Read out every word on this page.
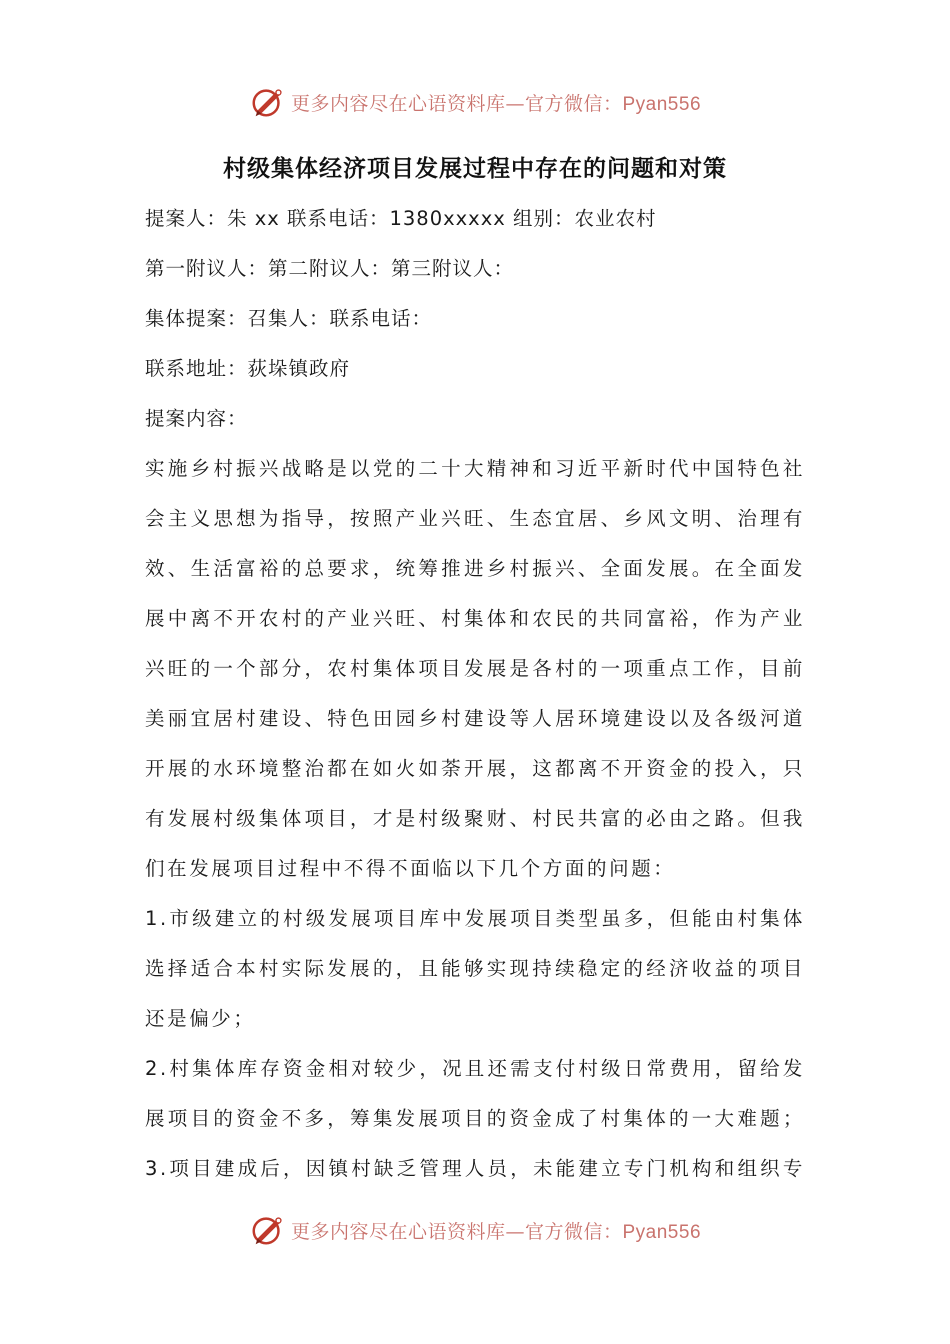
更多内容尽在心语资料库—官方微信：Pyan556
村级集体经济项目发展过程中存在的问题和对策
提案人：朱 xx 联系电话：1380xxxxx 组别：农业农村
第一附议人：第二附议人：第三附议人：
集体提案：召集人：联系电话：
联系地址：荻垛镇政府
提案内容：
实施乡村振兴战略是以党的二十大精神和习近平新时代中国特色社
会主义思想为指导，按照产业兴旺、生态宜居、乡风文明、治理有
效、生活富裕的总要求，统筹推进乡村振兴、全面发展。在全面发
展中离不开农村的产业兴旺、村集体和农民的共同富裕，作为产业
兴旺的一个部分，农村集体项目发展是各村的一项重点工作，目前
美丽宜居村建设、特色田园乡村建设等人居环境建设以及各级河道
开展的水环境整治都在如火如荼开展，这都离不开资金的投入，只
有发展村级集体项目，才是村级聚财、村民共富的必由之路。但我
们在发展项目过程中不得不面临以下几个方面的问题：
1.市级建立的村级发展项目库中发展项目类型虽多，但能由村集体
选择适合本村实际发展的，且能够实现持续稳定的经济收益的项目
还是偏少；
2.村集体库存资金相对较少，况且还需支付村级日常费用，留给发
展项目的资金不多，筹集发展项目的资金成了村集体的一大难题；
3.项目建成后，因镇村缺乏管理人员，未能建立专门机构和组织专
更多内容尽在心语资料库—官方微信：Pyan556
